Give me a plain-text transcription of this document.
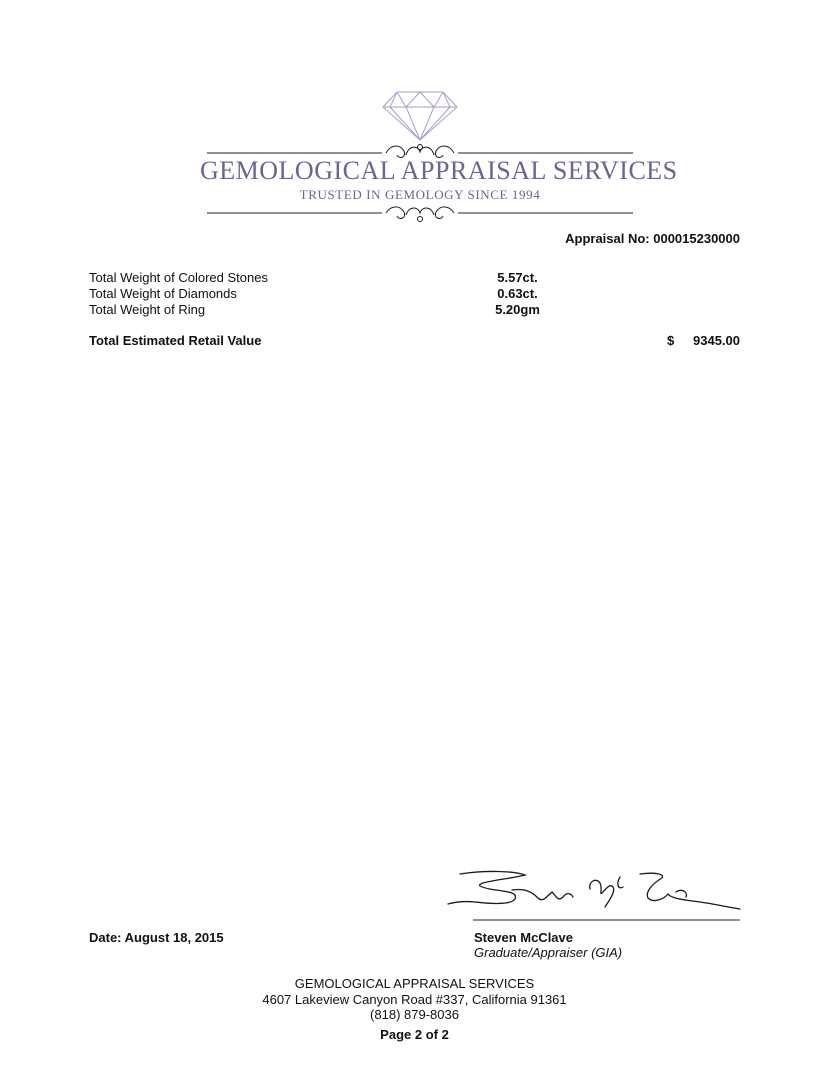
GEMOLOGICAL APPRAISAL SERVICES
TRUSTED IN GEMOLOGY SINCE 1994
Appraisal No: 000015230000
Total Weight of Colored Stones	5.57ct.
Total Weight of Diamonds	0.63ct.
Total Weight of Ring	5.20gm
Total Estimated Retail Value	$ 9345.00
Date: August 18, 2015	Steven McClave
Graduate/Appraiser (GIA)
GEMOLOGICAL APPRAISAL SERVICES
4607 Lakeview Canyon Road #337, California 91361
(818) 879-8036
Page 2 of 2
